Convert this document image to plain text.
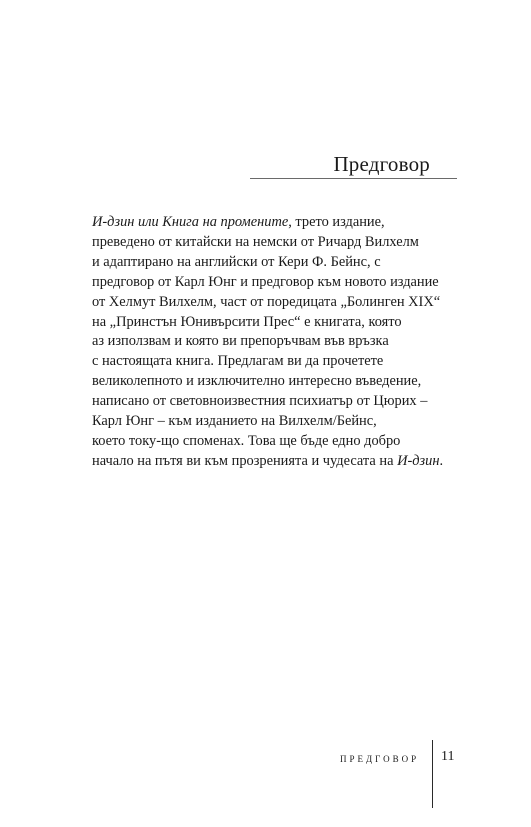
Предговор
И-дзин или Книга на промените, трето издание,
преведено от китайски на немски от Ричард Вилхелм
и адаптирано на английски от Кери Ф. Бейнс, с
предговор от Карл Юнг и предговор към новото издание
от Хелмут Вилхелм, част от поредицата „Болинген XIX“
на „Принстън Юнивърсити Прес“ е книгата, която
аз използвам и която ви препоръчвам във връзка
с настоящата книга. Предлагам ви да прочетете
великолепното и изключително интересно въведение,
написано от световноизвестния психиатър от Цюрих –
Карл Юнг – към изданието на Вилхелм/Бейнс,
което току-що споменах. Това ще бъде едно добро
начало на пътя ви към прозренията и чудесата на И-дзин.
ПРЕДГОВОР	11
